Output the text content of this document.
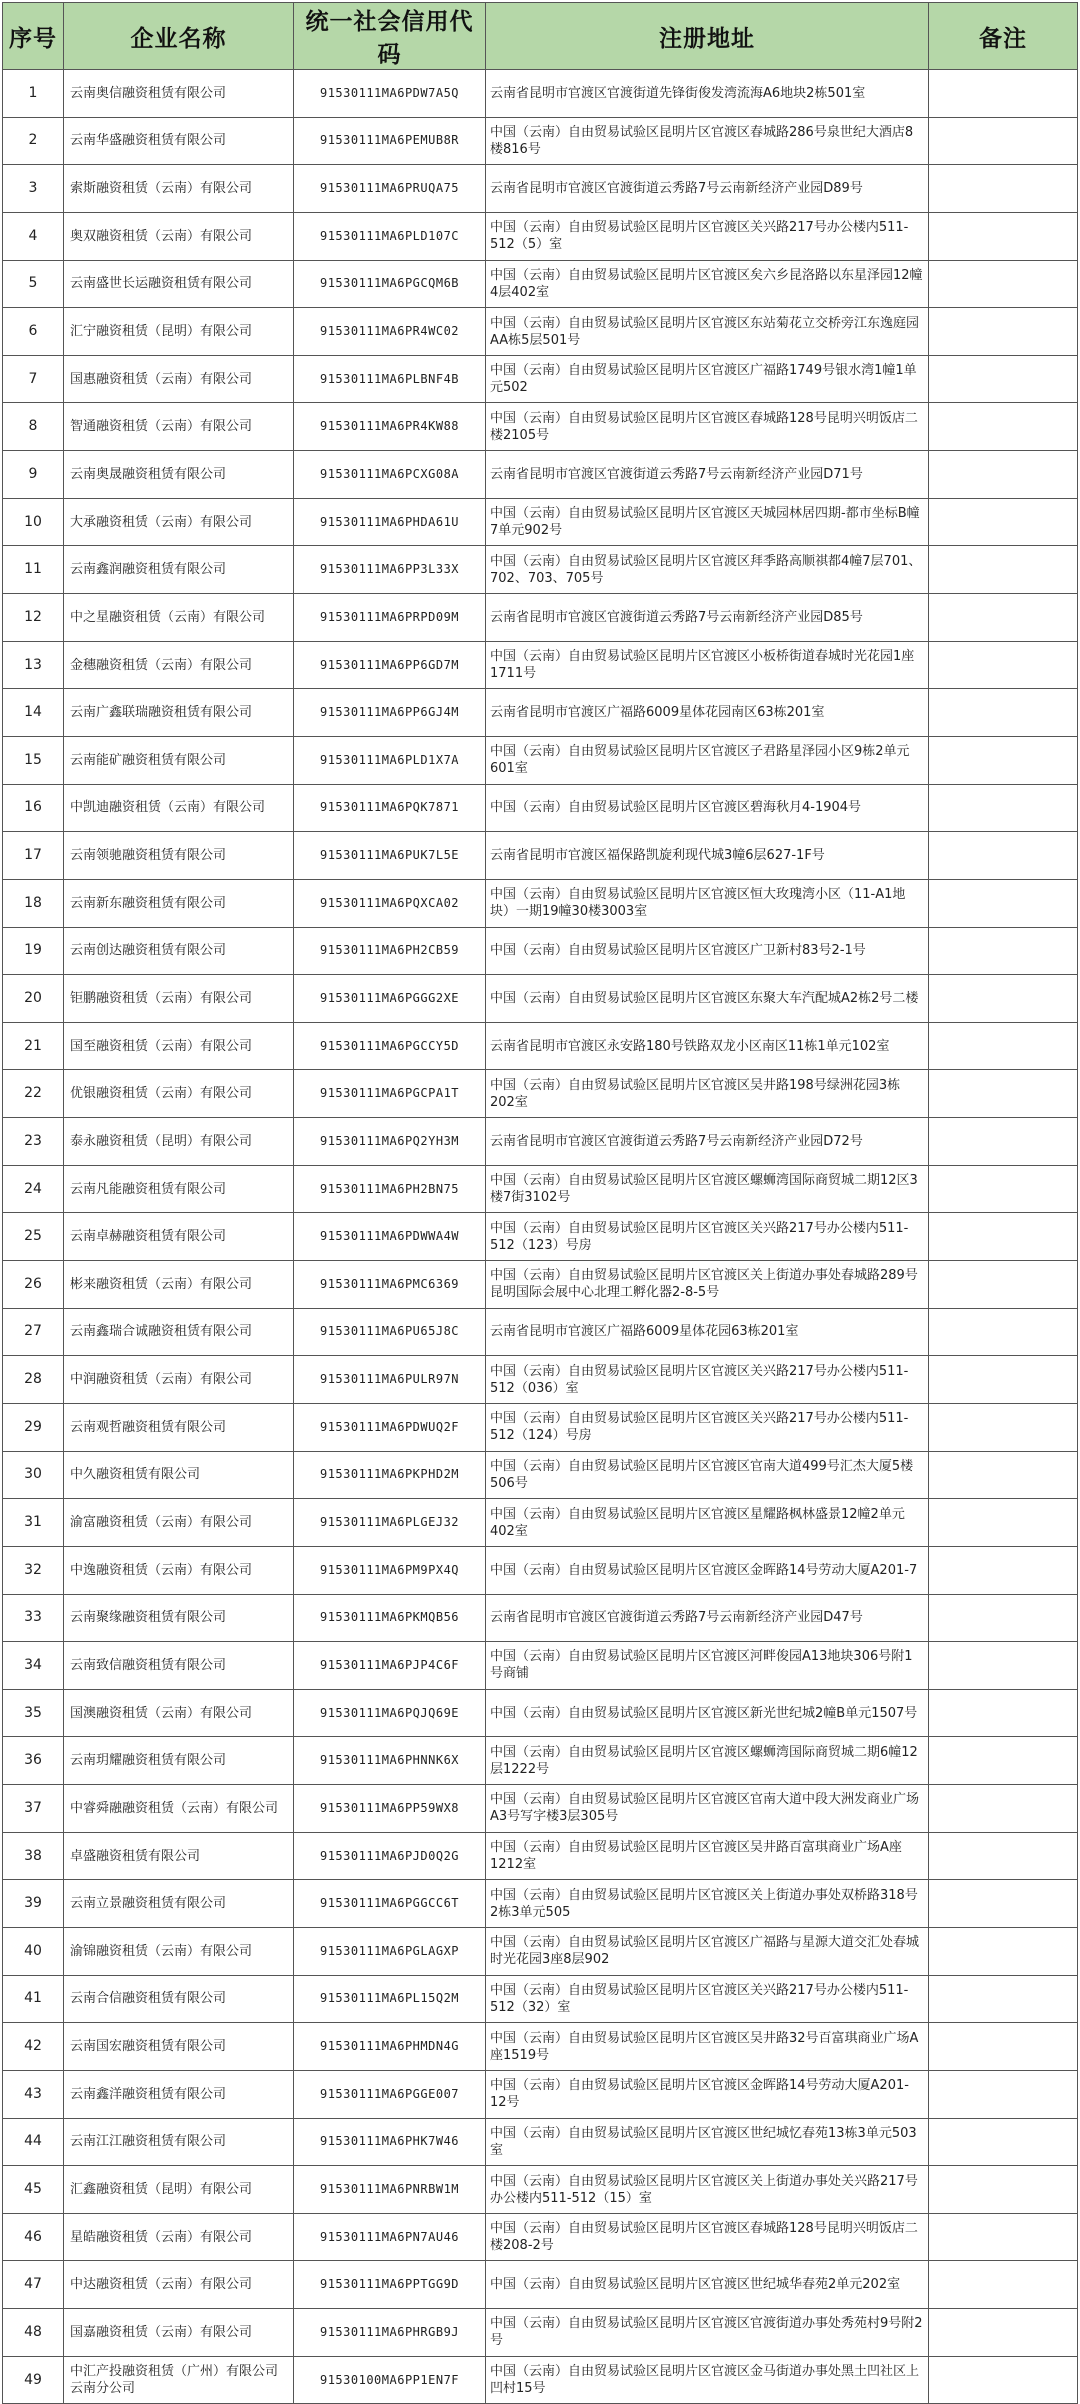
序号	企业名称	统一社会信用代码	注册地址	备注
1	云南奥信融资租赁有限公司	91530111MA6PDW7A5Q	云南省昆明市官渡区官渡街道先锋街俊发湾流海A6地块2栋501室	
2	云南华盛融资租赁有限公司	91530111MA6PEMUB8R	中国（云南）自由贸易试验区昆明片区官渡区春城路286号泉世纪大酒店8楼816号	
3	索斯融资租赁（云南）有限公司	91530111MA6PRUQA75	云南省昆明市官渡区官渡街道云秀路7号云南新经济产业园D89号	
4	奥双融资租赁（云南）有限公司	91530111MA6PLD107C	中国（云南）自由贸易试验区昆明片区官渡区关兴路217号办公楼内511-512（5）室	
5	云南盛世长运融资租赁有限公司	91530111MA6PGCQM6B	中国（云南）自由贸易试验区昆明片区官渡区矣六乡昆洛路以东星泽园12幢4层402室	
6	汇宁融资租赁（昆明）有限公司	91530111MA6PR4WC02	中国（云南）自由贸易试验区昆明片区官渡区东站菊花立交桥旁江东逸庭园AA栋5层501号	
7	国惠融资租赁（云南）有限公司	91530111MA6PLBNF4B	中国（云南）自由贸易试验区昆明片区官渡区广福路1749号银水湾1幢1单元502	
8	智通融资租赁（云南）有限公司	91530111MA6PR4KW88	中国（云南）自由贸易试验区昆明片区官渡区春城路128号昆明兴明饭店二楼2105号	
9	云南奥晟融资租赁有限公司	91530111MA6PCXG08A	云南省昆明市官渡区官渡街道云秀路7号云南新经济产业园D71号	
10	大承融资租赁（云南）有限公司	91530111MA6PHDA61U	中国（云南）自由贸易试验区昆明片区官渡区天城园林居四期-都市坐标B幢7单元902号	
11	云南鑫润融资租赁有限公司	91530111MA6PP3L33X	中国（云南）自由贸易试验区昆明片区官渡区拜季路高顺祺都4幢7层701、702、703、705号	
12	中之星融资租赁（云南）有限公司	91530111MA6PRPD09M	云南省昆明市官渡区官渡街道云秀路7号云南新经济产业园D85号	
13	金穗融资租赁（云南）有限公司	91530111MA6PP6GD7M	中国（云南）自由贸易试验区昆明片区官渡区小板桥街道春城时光花园1座1711号	
14	云南广鑫联瑞融资租赁有限公司	91530111MA6PP6GJ4M	云南省昆明市官渡区广福路6009星体花园南区63栋201室	
15	云南能矿融资租赁有限公司	91530111MA6PLD1X7A	中国（云南）自由贸易试验区昆明片区官渡区子君路星泽园小区9栋2单元601室	
16	中凯迪融资租赁（云南）有限公司	91530111MA6PQK7871	中国（云南）自由贸易试验区昆明片区官渡区碧海秋月4-1904号	
17	云南领驰融资租赁有限公司	91530111MA6PUK7L5E	云南省昆明市官渡区福保路凯旋利现代城3幢6层627-1F号	
18	云南新东融资租赁有限公司	91530111MA6PQXCA02	中国（云南）自由贸易试验区昆明片区官渡区恒大玫瑰湾小区（11-A1地块）一期19幢30楼3003室	
19	云南创达融资租赁有限公司	91530111MA6PH2CB59	中国（云南）自由贸易试验区昆明片区官渡区广卫新村83号2-1号	
20	钜鹏融资租赁（云南）有限公司	91530111MA6PGGG2XE	中国（云南）自由贸易试验区昆明片区官渡区东聚大车汽配城A2栋2号二楼	
21	国至融资租赁（云南）有限公司	91530111MA6PGCCY5D	云南省昆明市官渡区永安路180号铁路双龙小区南区11栋1单元102室	
22	优银融资租赁（云南）有限公司	91530111MA6PGCPA1T	中国（云南）自由贸易试验区昆明片区官渡区吴井路198号绿洲花园3栋202室	
23	泰永融资租赁（昆明）有限公司	91530111MA6PQ2YH3M	云南省昆明市官渡区官渡街道云秀路7号云南新经济产业园D72号	
24	云南凡能融资租赁有限公司	91530111MA6PH2BN75	中国（云南）自由贸易试验区昆明片区官渡区螺蛳湾国际商贸城二期12区3楼7街3102号	
25	云南卓赫融资租赁有限公司	91530111MA6PDWWA4W	中国（云南）自由贸易试验区昆明片区官渡区关兴路217号办公楼内511-512（123）号房	
26	彬来融资租赁（云南）有限公司	91530111MA6PMC6369	中国（云南）自由贸易试验区昆明片区官渡区关上街道办事处春城路289号昆明国际会展中心北理工孵化器2-8-5号	
27	云南鑫瑞合诚融资租赁有限公司	91530111MA6PU65J8C	云南省昆明市官渡区广福路6009星体花园63栋201室	
28	中润融资租赁（云南）有限公司	91530111MA6PULR97N	中国（云南）自由贸易试验区昆明片区官渡区关兴路217号办公楼内511-512（036）室	
29	云南观哲融资租赁有限公司	91530111MA6PDWUQ2F	中国（云南）自由贸易试验区昆明片区官渡区关兴路217号办公楼内511-512（124）号房	
30	中久融资租赁有限公司	91530111MA6PKPHD2M	中国（云南）自由贸易试验区昆明片区官渡区官南大道499号汇杰大厦5楼506号	
31	渝富融资租赁（云南）有限公司	91530111MA6PLGEJ32	中国（云南）自由贸易试验区昆明片区官渡区星耀路枫林盛景12幢2单元402室	
32	中逸融资租赁（云南）有限公司	91530111MA6PM9PX4Q	中国（云南）自由贸易试验区昆明片区官渡区金晖路14号劳动大厦A201-7	
33	云南聚缘融资租赁有限公司	91530111MA6PKMQB56	云南省昆明市官渡区官渡街道云秀路7号云南新经济产业园D47号	
34	云南致信融资租赁有限公司	91530111MA6PJP4C6F	中国（云南）自由贸易试验区昆明片区官渡区河畔俊园A13地块306号附1号商铺	
35	国澳融资租赁（云南）有限公司	91530111MA6PQJQ69E	中国（云南）自由贸易试验区昆明片区官渡区新光世纪城2幢B单元1507号	
36	云南玥耀融资租赁有限公司	91530111MA6PHNNK6X	中国（云南）自由贸易试验区昆明片区官渡区螺蛳湾国际商贸城二期6幢12层1222号	
37	中睿舜融融资租赁（云南）有限公司	91530111MA6PP59WX8	中国（云南）自由贸易试验区昆明片区官渡区官南大道中段大洲发商业广场A3号写字楼3层305号	
38	卓盛融资租赁有限公司	91530111MA6PJD0Q2G	中国（云南）自由贸易试验区昆明片区官渡区吴井路百富琪商业广场A座1212室	
39	云南立景融资租赁有限公司	91530111MA6PGGCC6T	中国（云南）自由贸易试验区昆明片区官渡区关上街道办事处双桥路318号2栋3单元505	
40	渝锦融资租赁（云南）有限公司	91530111MA6PGLAGXP	中国（云南）自由贸易试验区昆明片区官渡区广福路与星源大道交汇处春城时光花园3座8层902	
41	云南合信融资租赁有限公司	91530111MA6PL15Q2M	中国（云南）自由贸易试验区昆明片区官渡区关兴路217号办公楼内511-512（32）室	
42	云南国宏融资租赁有限公司	91530111MA6PHMDN4G	中国（云南）自由贸易试验区昆明片区官渡区吴井路32号百富琪商业广场A座1519号	
43	云南鑫洋融资租赁有限公司	91530111MA6PGGE007	中国（云南）自由贸易试验区昆明片区官渡区金晖路14号劳动大厦A201-12号	
44	云南江江融资租赁有限公司	91530111MA6PHK7W46	中国（云南）自由贸易试验区昆明片区官渡区世纪城忆春苑13栋3单元503室	
45	汇鑫融资租赁（昆明）有限公司	91530111MA6PNRBW1M	中国（云南）自由贸易试验区昆明片区官渡区关上街道办事处关兴路217号办公楼内511-512（15）室	
46	星皓融资租赁（云南）有限公司	91530111MA6PN7AU46	中国（云南）自由贸易试验区昆明片区官渡区春城路128号昆明兴明饭店二楼208-2号	
47	中达融资租赁（云南）有限公司	91530111MA6PPTGG9D	中国（云南）自由贸易试验区昆明片区官渡区世纪城华春苑2单元202室	
48	国嘉融资租赁（云南）有限公司	91530111MA6PHRGB9J	中国（云南）自由贸易试验区昆明片区官渡区官渡街道办事处秀苑村9号附2号	
49	中汇产投融资租赁（广州）有限公司云南分公司	91530100MA6PP1EN7F	中国（云南）自由贸易试验区昆明片区官渡区金马街道办事处黑土凹社区上凹村15号	
